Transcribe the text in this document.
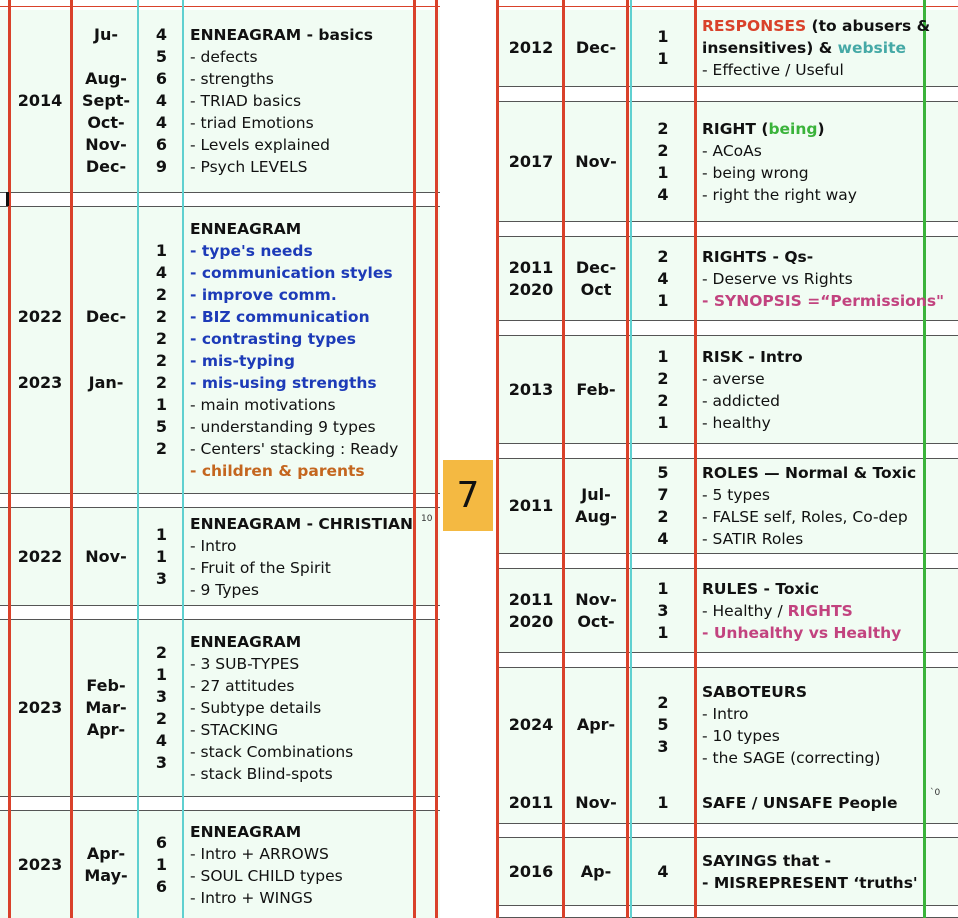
2014
Ju-

Aug-
Sept-
Oct-
Nov-
Dec-
4
5
6
4
4
6
9
ENNEAGRAM - basics
- defects
- strengths
- TRIAD basics
- triad Emotions
- Levels explained
- Psych LEVELS
2022

2023
Dec-

Jan-
1
4
2
2
2
2
2
1
5
2
ENNEAGRAM
- type's needs
- communication styles
- improve comm.
- BIZ communication
- contrasting types
- mis-typing
- mis-using strengths
- main motivations
- understanding 9 types
- Centers' stacking : Ready
- children & parents
2022 Nov-
1
1
3
ENNEAGRAM - CHRISTIAN
- Intro
- Fruit of the Spirit
- 9 Types
2023
Feb-
Mar-
Apr-
2
1
3
2
4
3
ENNEAGRAM
- 3 SUB-TYPES
- 27 attitudes
- Subtype details
- STACKING
- stack Combinations
- stack Blind-spots
2023
Apr-
May-
6
1
6
ENNEAGRAM
- Intro + ARROWS
- SOUL CHILD types
- Intro + WINGS
2012 Dec-
1
1
RESPONSES (to abusers &
insensitives) & website
- Effective / Useful
2017 Nov-
2
2
1
4
RIGHT (being)
- ACoAs
- being wrong
- right the right way
2011
2020
Dec-
Oct
2
4
1
RIGHTS - Qs-
- Deserve vs Rights
- SYNOPSIS =“Permissions"
2013 Feb-
1
2
2
1
RISK - Intro
- averse
- addicted
- healthy
2011
Jul-
Aug-
5
7
2
4
ROLES — Normal & Toxic
- 5 types
- FALSE self, Roles, Co-dep
- SATIR Roles
2011
2020
Nov-
Oct-
1
3
1
RULES - Toxic
- Healthy / RIGHTS
- Unhealthy vs Healthy
2024 Apr-
2
5
3
SABOTEURS
- Intro
- 10 types
- the SAGE (correcting)
2011 Nov-	1 SAFE / UNSAFE People
2016 Ap-	4
SAYINGS that -
- MISREPRESENT ‘truths'
7
10
`0
